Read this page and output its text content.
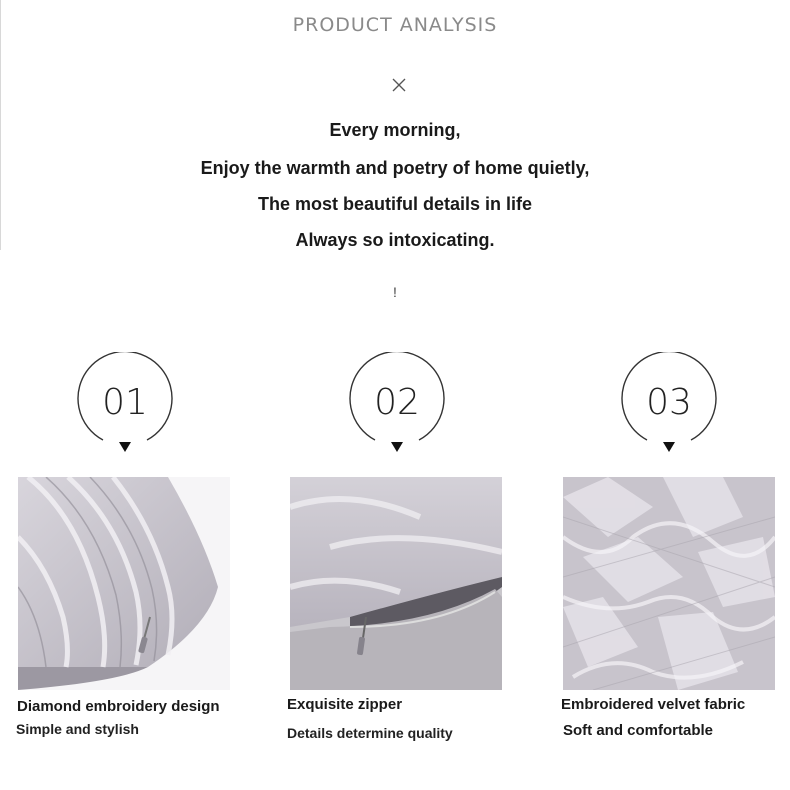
PRODUCT ANALYSIS
Every morning,
Enjoy the warmth and poetry of home quietly,
The most beautiful details in life
Always so intoxicating.
!
01	02	03
Diamond embroidery design
Simple and stylish
Exquisite zipper
Details determine quality
Embroidered velvet fabric
Soft and comfortable
